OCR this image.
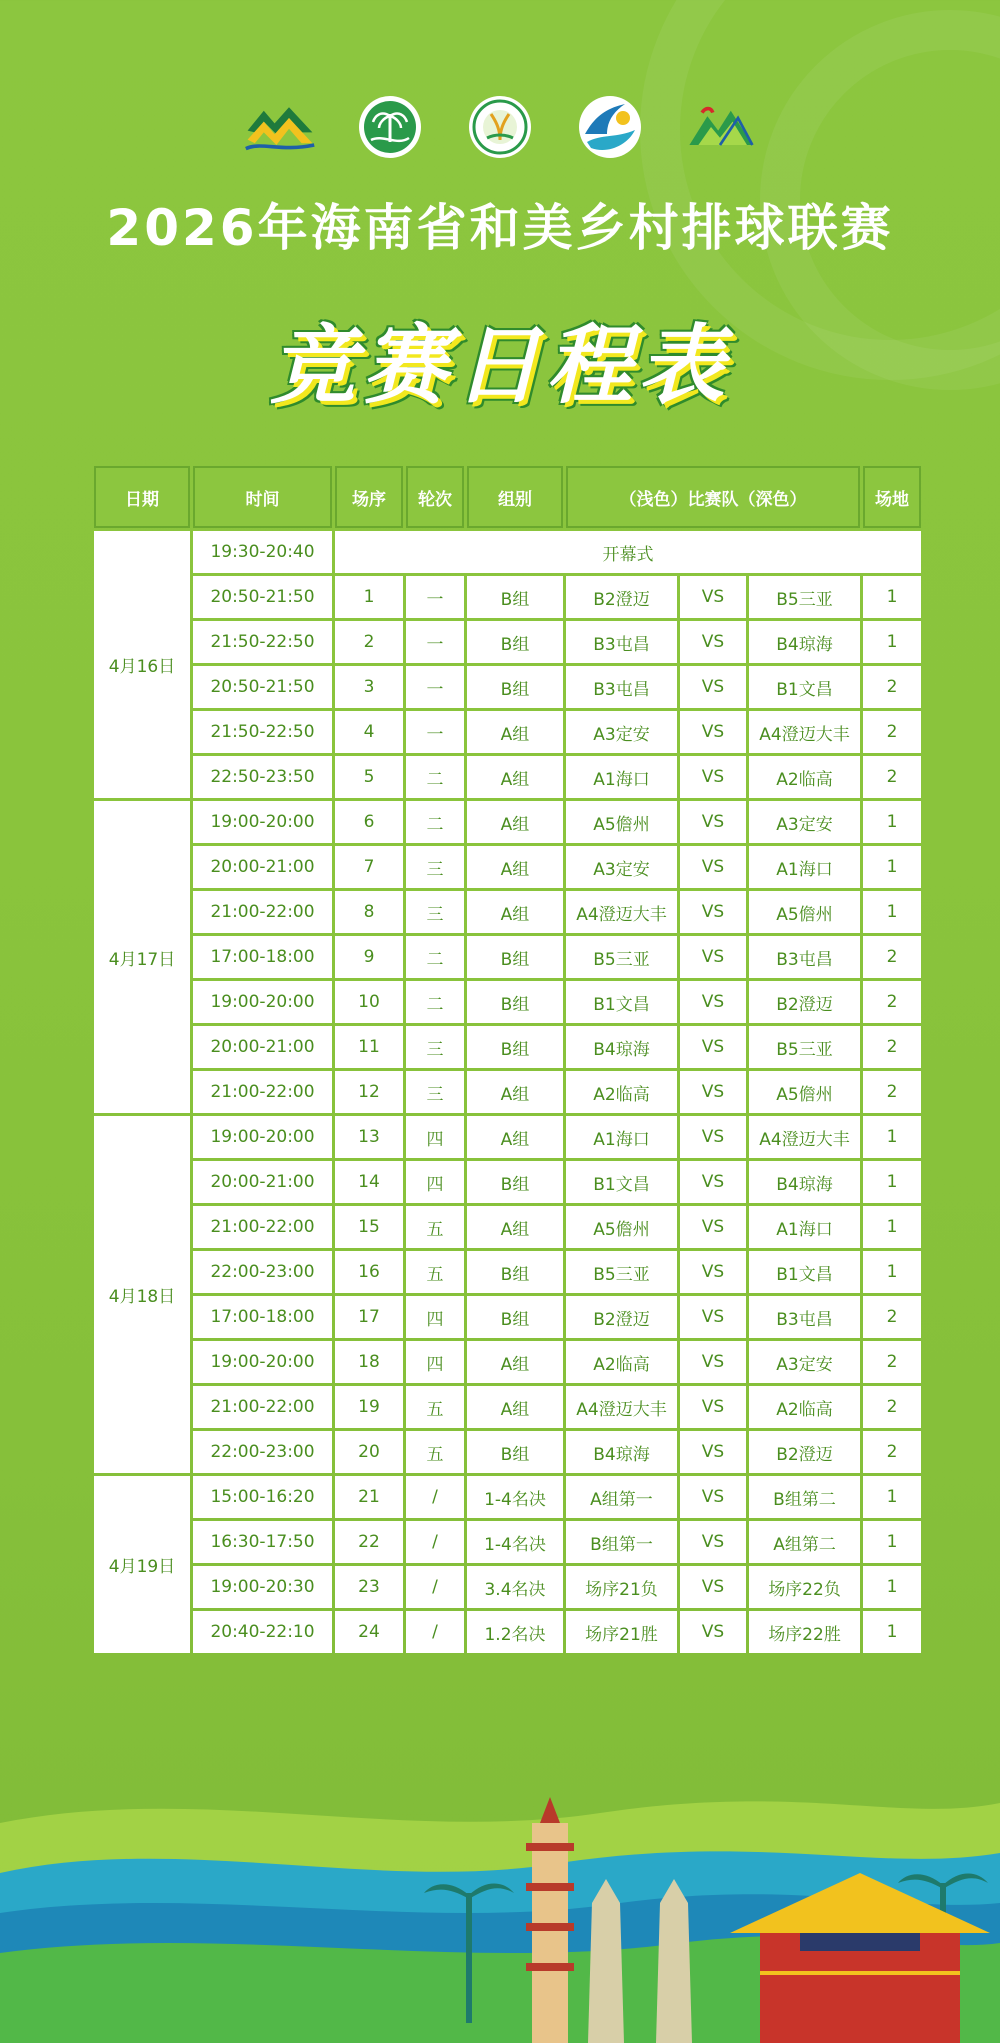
2026年海南省和美乡村排球联赛
竞赛日程表
日期	时间	场序	轮次	组别	（浅色）比赛队（深色）			场地
4月16日	19:30-20:40	开幕式						
	20:50-21:50	1	一	B组	B2澄迈	VS	B5三亚	1
	21:50-22:50	2	一	B组	B3屯昌	VS	B4琼海	1
	20:50-21:50	3	一	B组	B3屯昌	VS	B1文昌	2
	21:50-22:50	4	一	A组	A3定安	VS	A4澄迈大丰	2
	22:50-23:50	5	二	A组	A1海口	VS	A2临高	2
4月17日	19:00-20:00	6	二	A组	A5儋州	VS	A3定安	1
	20:00-21:00	7	三	A组	A3定安	VS	A1海口	1
	21:00-22:00	8	三	A组	A4澄迈大丰	VS	A5儋州	1
	17:00-18:00	9	二	B组	B5三亚	VS	B3屯昌	2
	19:00-20:00	10	二	B组	B1文昌	VS	B2澄迈	2
	20:00-21:00	11	三	B组	B4琼海	VS	B5三亚	2
	21:00-22:00	12	三	A组	A2临高	VS	A5儋州	2
4月18日	19:00-20:00	13	四	A组	A1海口	VS	A4澄迈大丰	1
	20:00-21:00	14	四	B组	B1文昌	VS	B4琼海	1
	21:00-22:00	15	五	A组	A5儋州	VS	A1海口	1
	22:00-23:00	16	五	B组	B5三亚	VS	B1文昌	1
	17:00-18:00	17	四	B组	B2澄迈	VS	B3屯昌	2
	19:00-20:00	18	四	A组	A2临高	VS	A3定安	2
	21:00-22:00	19	五	A组	A4澄迈大丰	VS	A2临高	2
	22:00-23:00	20	五	B组	B4琼海	VS	B2澄迈	2
4月19日	15:00-16:20	21	/	1-4名决	A组第一	VS	B组第二	1
	16:30-17:50	22	/	1-4名决	B组第一	VS	A组第二	1
	19:00-20:30	23	/	3.4名决	场序21负	VS	场序22负	1
	20:40-22:10	24	/	1.2名决	场序21胜	VS	场序22胜	1
